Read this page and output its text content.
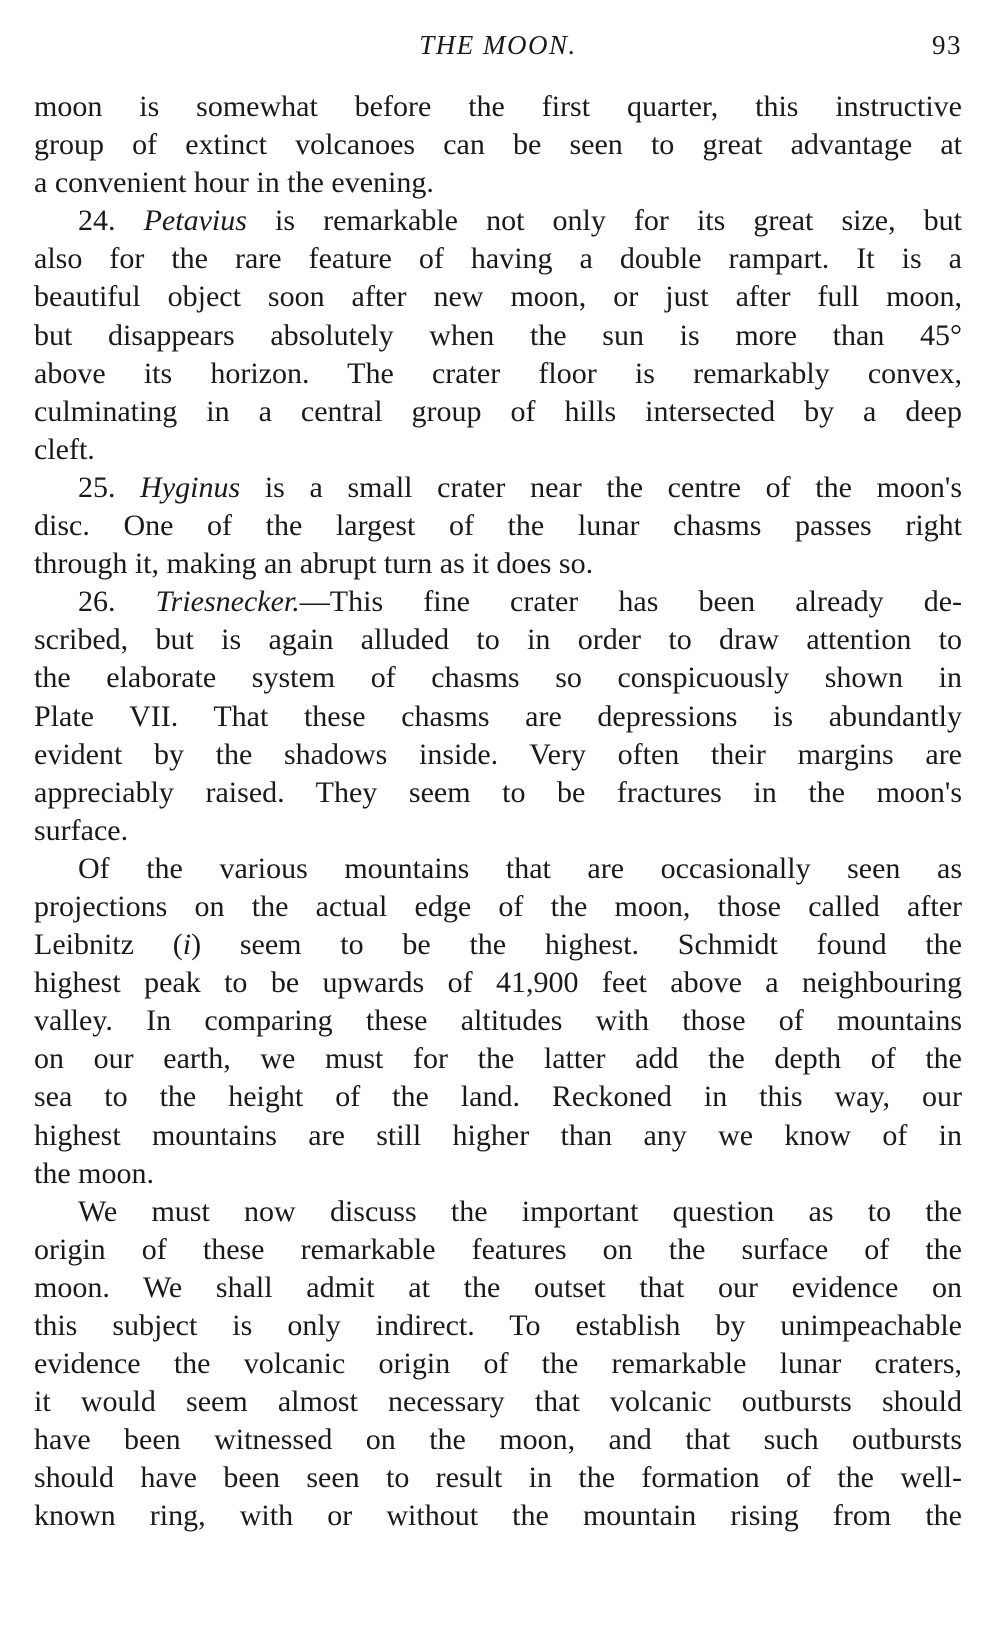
THE MOON.	93
moon is somewhat before the first quarter, this instructive
group of extinct volcanoes can be seen to great advantage at
a convenient hour in the evening.
24. Petavius is remarkable not only for its great size, but
also for the rare feature of having a double rampart. It is a
beautiful object soon after new moon, or just after full moon,
but disappears absolutely when the sun is more than 45°
above its horizon. The crater floor is remarkably convex,
culminating in a central group of hills intersected by a deep
cleft.
25. Hyginus is a small crater near the centre of the moon's
disc. One of the largest of the lunar chasms passes right
through it, making an abrupt turn as it does so.
26. Triesnecker.—This fine crater has been already de-
scribed, but is again alluded to in order to draw attention to
the elaborate system of chasms so conspicuously shown in
Plate VII. That these chasms are depressions is abundantly
evident by the shadows inside. Very often their margins are
appreciably raised. They seem to be fractures in the moon's
surface.
Of the various mountains that are occasionally seen as
projections on the actual edge of the moon, those called after
Leibnitz (i) seem to be the highest. Schmidt found the
highest peak to be upwards of 41,900 feet above a neighbouring
valley. In comparing these altitudes with those of mountains
on our earth, we must for the latter add the depth of the
sea to the height of the land. Reckoned in this way, our
highest mountains are still higher than any we know of in
the moon.
We must now discuss the important question as to the
origin of these remarkable features on the surface of the
moon. We shall admit at the outset that our evidence on
this subject is only indirect. To establish by unimpeachable
evidence the volcanic origin of the remarkable lunar craters,
it would seem almost necessary that volcanic outbursts should
have been witnessed on the moon, and that such outbursts
should have been seen to result in the formation of the well-
known ring, with or without the mountain rising from the
